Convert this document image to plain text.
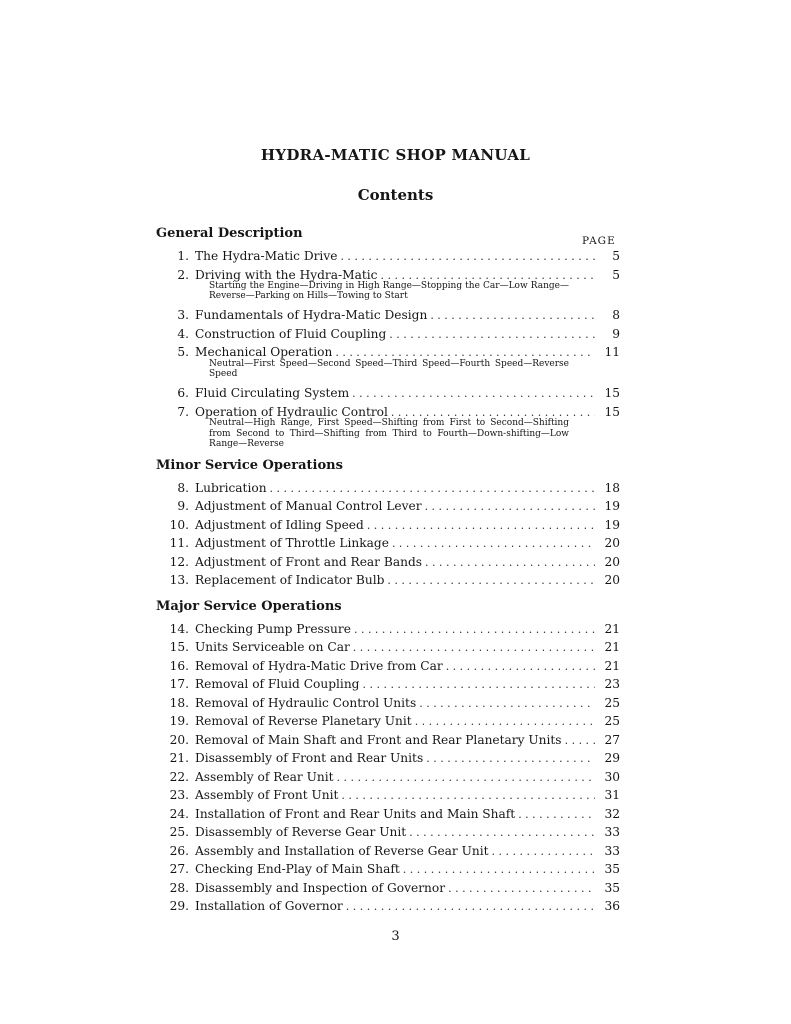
HYDRA-MATIC SHOP MANUAL
Contents
PAGE
General Description
1. The Hydra-Matic Drive . . .	5
2. Driving with the Hydra-Matic . . .	5
Starting the Engine—Driving in High Range—Stopping the Car—Low Range—Reverse—Parking on Hills—Towing to Start
3. Fundamentals of Hydra-Matic Design . . .	8
4. Construction of Fluid Coupling . . .	9
5. Mechanical Operation . . .	11
Neutral—First Speed—Second Speed—Third Speed—Fourth Speed—Reverse Speed
6. Fluid Circulating System . . .	15
7. Operation of Hydraulic Control . . .	15
Neutral—High Range, First Speed—Shifting from First to Second—Shifting from Second to Third—Shifting from Third to Fourth—Down-shifting—Low Range—Reverse
Minor Service Operations
8. Lubrication . . .	18
9. Adjustment of Manual Control Lever . . .	19
10. Adjustment of Idling Speed . . .	19
11. Adjustment of Throttle Linkage . . .	20
12. Adjustment of Front and Rear Bands . . .	20
13. Replacement of Indicator Bulb . . .	20
Major Service Operations
14. Checking Pump Pressure . . .	21
15. Units Serviceable on Car . . .	21
16. Removal of Hydra-Matic Drive from Car . . .	21
17. Removal of Fluid Coupling . . .	23
18. Removal of Hydraulic Control Units . . .	25
19. Removal of Reverse Planetary Unit . . .	25
20. Removal of Main Shaft and Front and Rear Planetary Units . . .	27
21. Disassembly of Front and Rear Units . . .	29
22. Assembly of Rear Unit . . .	30
23. Assembly of Front Unit . . .	31
24. Installation of Front and Rear Units and Main Shaft . . .	32
25. Disassembly of Reverse Gear Unit . . .	33
26. Assembly and Installation of Reverse Gear Unit . . .	33
27. Checking End-Play of Main Shaft . . .	35
28. Disassembly and Inspection of Governor . . .	35
29. Installation of Governor . . .	36
3
